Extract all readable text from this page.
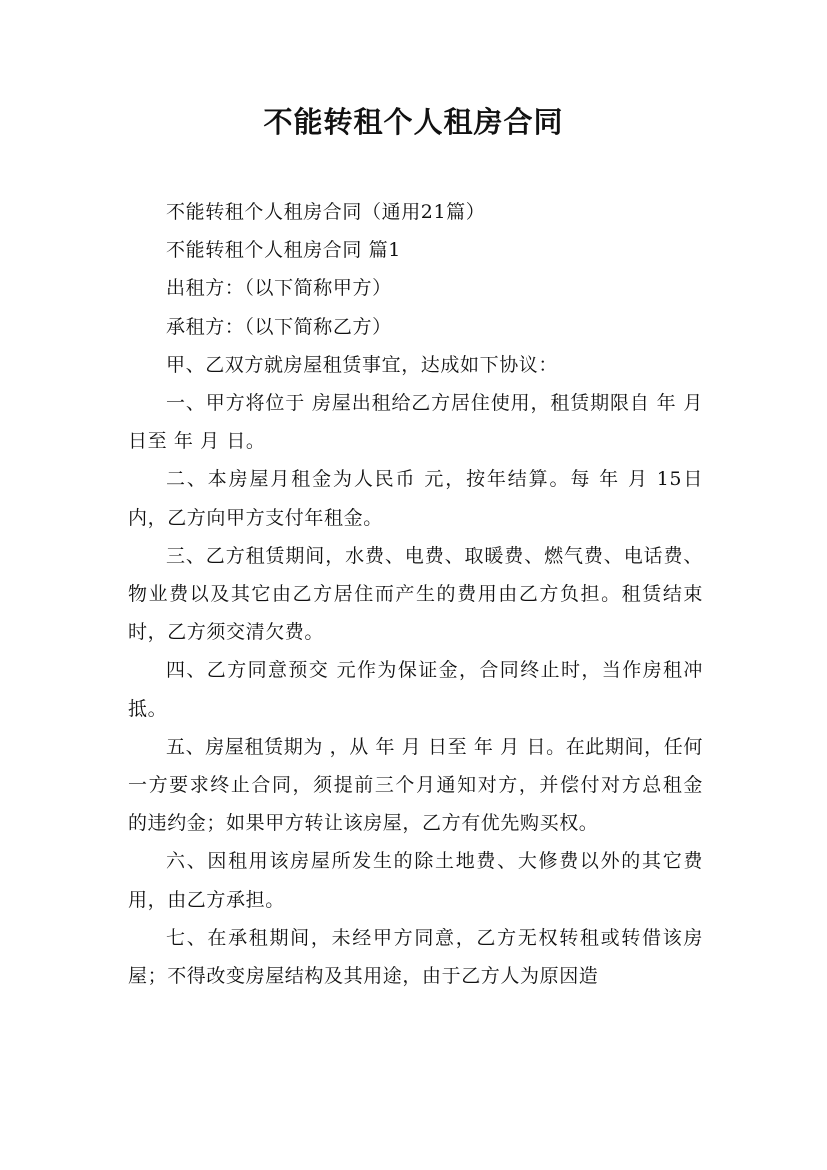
不能转租个人租房合同

不能转租个人租房合同（通用21篇）

不能转租个人租房合同 篇1

出租方：（以下简称甲方）

承租方：（以下简称乙方）

甲、乙双方就房屋租赁事宜，达成如下协议：

一、甲方将位于 房屋出租给乙方居住使用，租赁期限自 年 月 日至 年 月 日。

二、本房屋月租金为人民币 元，按年结算。每 年 月 15日内，乙方向甲方支付年租金。

三、乙方租赁期间，水费、电费、取暖费、燃气费、电话费、物业费以及其它由乙方居住而产生的费用由乙方负担。租赁结束时，乙方须交清欠费。

四、乙方同意预交 元作为保证金，合同终止时，当作房租冲抵。

五、房屋租赁期为 ，从 年 月 日至 年 月 日。在此期间，任何一方要求终止合同，须提前三个月通知对方，并偿付对方总租金 的违约金；如果甲方转让该房屋，乙方有优先购买权。

六、因租用该房屋所发生的除土地费、大修费以外的其它费用，由乙方承担。

七、在承租期间，未经甲方同意，乙方无权转租或转借该房屋；不得改变房屋结构及其用途，由于乙方人为原因造
